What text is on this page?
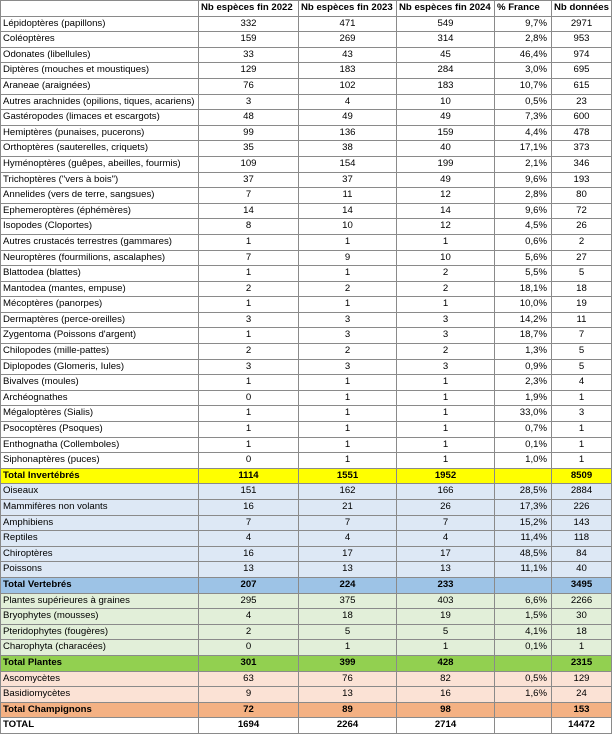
	Nb espèces fin 2022	Nb espèces fin 2023	Nb espèces fin 2024	% France	Nb données
Lépidoptères (papillons)	332	471	549	9,7%	2971
Coléoptères	159	269	314	2,8%	953
Odonates (libellules)	33	43	45	46,4%	974
Diptères (mouches et moustiques)	129	183	284	3,0%	695
Araneae (araignées)	76	102	183	10,7%	615
Autres arachnides (opilions, tiques, acariens)	3	4	10	0,5%	23
Gastéropodes (limaces et escargots)	48	49	49	7,3%	600
Hemiptères (punaises, pucerons)	99	136	159	4,4%	478
Orthoptères (sauterelles, criquets)	35	38	40	17,1%	373
Hyménoptères (guêpes, abeilles, fourmis)	109	154	199	2,1%	346
Trichoptères ("vers à bois")	37	37	49	9,6%	193
Annelides (vers de terre, sangsues)	7	11	12	2,8%	80
Ephemeroptères (éphémères)	14	14	14	9,6%	72
Isopodes (Cloportes)	8	10	12	4,5%	26
Autres crustacés terrestres (gammares)	1	1	1	0,6%	2
Neuroptères (fourmilions, ascalaphes)	7	9	10	5,6%	27
Blattodea (blattes)	1	1	2	5,5%	5
Mantodea (mantes, empuse)	2	2	2	18,1%	18
Mécoptères (panorpes)	1	1	1	10,0%	19
Dermaptères (perce-oreilles)	3	3	3	14,2%	11
Zygentoma (Poissons d'argent)	1	3	3	18,7%	7
Chilopodes (mille-pattes)	2	2	2	1,3%	5
Diplopodes (Glomeris, Iules)	3	3	3	0,9%	5
Bivalves (moules)	1	1	1	2,3%	4
Archéognathes	0	1	1	1,9%	1
Mégaloptères (Sialis)	1	1	1	33,0%	3
Psocoptères (Psoques)	1	1	1	0,7%	1
Enthognatha (Collemboles)	1	1	1	0,1%	1
Siphonaptères (puces)	0	1	1	1,0%	1
Total Invertébrés	1114	1551	1952		8509
Oiseaux	151	162	166	28,5%	2884
Mammifères non volants	16	21	26	17,3%	226
Amphibiens	7	7	7	15,2%	143
Reptiles	4	4	4	11,4%	118
Chiroptères	16	17	17	48,5%	84
Poissons	13	13	13	11,1%	40
Total Vertebrés	207	224	233		3495
Plantes supérieures à graines	295	375	403	6,6%	2266
Bryophytes (mousses)	4	18	19	1,5%	30
Pteridophytes (fougères)	2	5	5	4,1%	18
Charophyta (characées)	0	1	1	0,1%	1
Total Plantes	301	399	428		2315
Ascomycètes	63	76	82	0,5%	129
Basidiomycètes	9	13	16	1,6%	24
Total Champignons	72	89	98		153
TOTAL	1694	2264	2714		14472
